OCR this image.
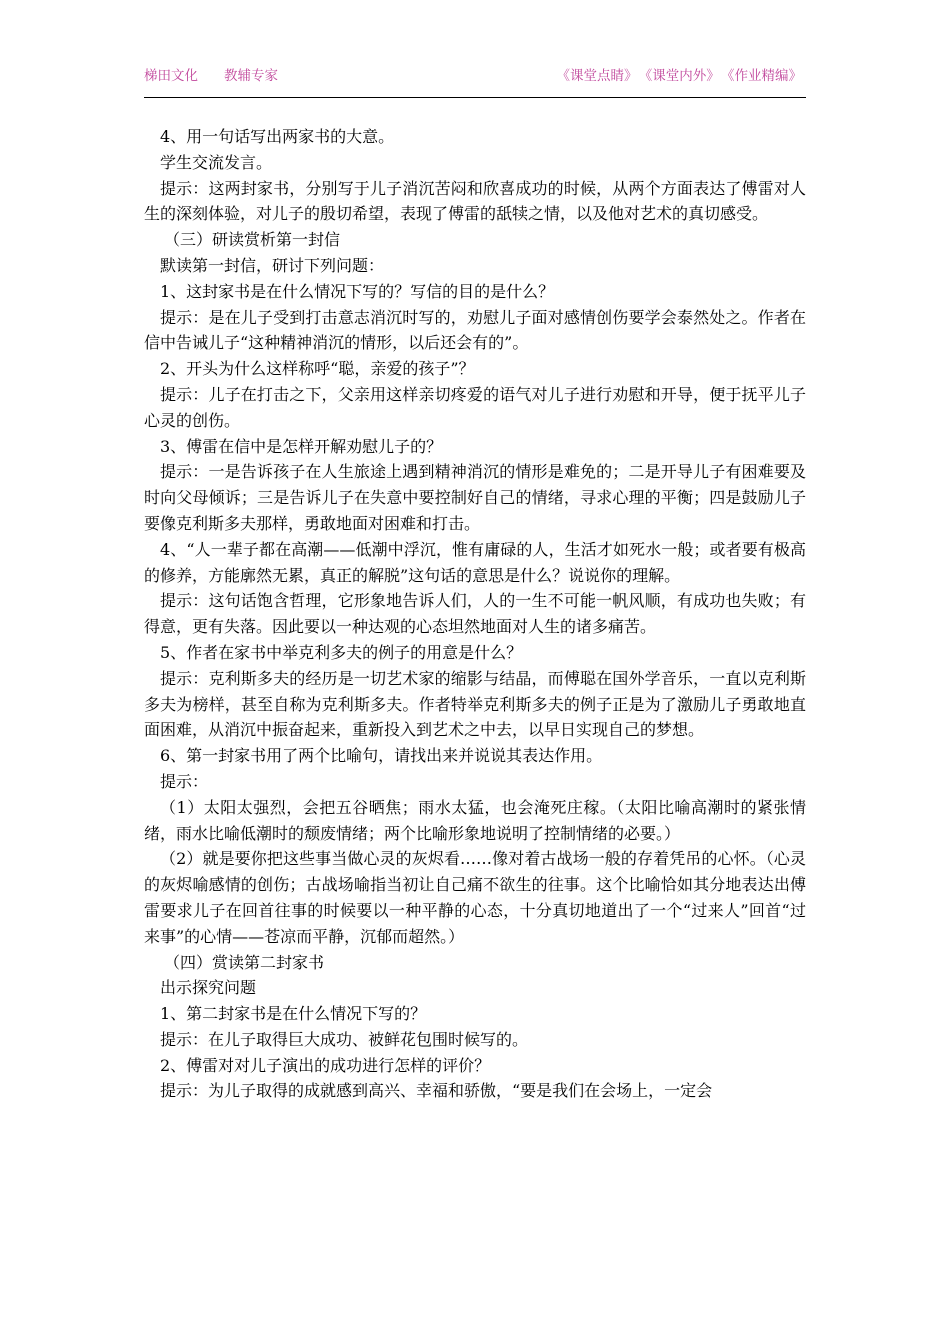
梯田文化 教辅专家	《课堂点睛》 《课堂内外》 《作业精编》

4、用一句话写出两家书的大意。

学生交流发言。

提示：这两封家书，分别写于儿子消沉苦闷和欣喜成功的时候，从两个方面表达了傅雷对人生的深刻体验，对儿子的殷切希望，表现了傅雷的舐犊之情，以及他对艺术的真切感受。

（三）研读赏析第一封信

默读第一封信，研讨下列问题：

1、这封家书是在什么情况下写的？写信的目的是什么？

提示：是在儿子受到打击意志消沉时写的，劝慰儿子面对感情创伤要学会泰然处之。作者在信中告诫儿子“这种精神消沉的情形，以后还会有的”。

2、开头为什么这样称呼“聪，亲爱的孩子”？

提示：儿子在打击之下，父亲用这样亲切疼爱的语气对儿子进行劝慰和开导，便于抚平儿子心灵的创伤。

3、傅雷在信中是怎样开解劝慰儿子的？

提示：一是告诉孩子在人生旅途上遇到精神消沉的情形是难免的；二是开导儿子有困难要及时向父母倾诉；三是告诉儿子在失意中要控制好自己的情绪，寻求心理的平衡；四是鼓励儿子要像克利斯多夫那样，勇敢地面对困难和打击。

4、“人一辈子都在高潮——低潮中浮沉，惟有庸碌的人，生活才如死水一般；或者要有极高的修养，方能廓然无累，真正的解脱”这句话的意思是什么？说说你的理解。

提示：这句话饱含哲理，它形象地告诉人们，人的一生不可能一帆风顺，有成功也失败；有得意，更有失落。因此要以一种达观的心态坦然地面对人生的诸多痛苦。

5、作者在家书中举克利多夫的例子的用意是什么？

提示：克利斯多夫的经历是一切艺术家的缩影与结晶，而傅聪在国外学音乐，一直以克利斯多夫为榜样，甚至自称为克利斯多夫。作者特举克利斯多夫的例子正是为了激励儿子勇敢地直面困难，从消沉中振奋起来，重新投入到艺术之中去，以早日实现自己的梦想。

6、第一封家书用了两个比喻句，请找出来并说说其表达作用。

提示：

（1）太阳太强烈，会把五谷晒焦；雨水太猛，也会淹死庄稼。（太阳比喻高潮时的紧张情绪，雨水比喻低潮时的颓废情绪；两个比喻形象地说明了控制情绪的必要。）

（2）就是要你把这些事当做心灵的灰烬看……像对着古战场一般的存着凭吊的心怀。（心灵的灰烬喻感情的创伤；古战场喻指当初让自己痛不欲生的往事。这个比喻恰如其分地表达出傅雷要求儿子在回首往事的时候要以一种平静的心态，十分真切地道出了一个“过来人”回首“过来事”的心情——苍凉而平静，沉郁而超然。）

（四）赏读第二封家书

出示探究问题

1、第二封家书是在什么情况下写的？

提示：在儿子取得巨大成功、被鲜花包围时候写的。

2、傅雷对对儿子演出的成功进行怎样的评价？

提示：为儿子取得的成就感到高兴、幸福和骄傲，“要是我们在会场上，一定会
